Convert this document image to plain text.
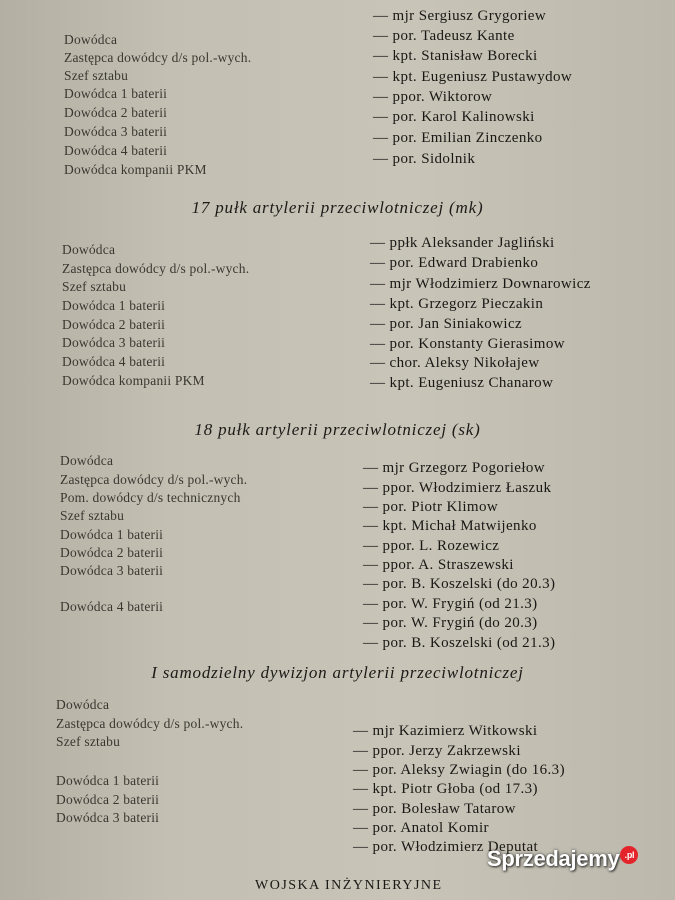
Dowódca
Zastępca dowódcy d/s pol.-wych.
Szef sztabu
Dowódca 1 baterii
Dowódca 2 baterii
Dowódca 3 baterii
Dowódca 4 baterii
Dowódca kompanii PKM
— mjr Sergiusz Grygoriew
— por. Tadeusz Kante
— kpt. Stanisław Borecki
— kpt. Eugeniusz Pustawydow
— ppor. Wiktorow
— por. Karol Kalinowski
— por. Emilian Zinczenko
— por. Sidolnik
17 pułk artylerii przeciwlotniczej (mk)
Dowódca
Zastępca dowódcy d/s pol.-wych.
Szef sztabu
Dowódca 1 baterii
Dowódca 2 baterii
Dowódca 3 baterii
Dowódca 4 baterii
Dowódca kompanii PKM
— ppłk Aleksander Jagliński
— por. Edward Drabienko
— mjr Włodzimierz Downarowicz
— kpt. Grzegorz Pieczakin
— por. Jan Siniakowicz
— por. Konstanty Gierasimow
— chor. Aleksy Nikołajew
— kpt. Eugeniusz Chanarow
18 pułk artylerii przeciwlotniczej (sk)
Dowódca
Zastępca dowódcy d/s pol.-wych.
Pom. dowódcy d/s technicznych
Szef sztabu
Dowódca 1 baterii
Dowódca 2 baterii
Dowódca 3 baterii
Dowódca 4 baterii
— mjr Grzegorz Pogoriełow
— ppor. Włodzimierz Łaszuk
— por. Piotr Klimow
— kpt. Michał Matwijenko
— ppor. L. Rozewicz
— ppor. A. Straszewski
— por. B. Koszelski (do 20.3)
— por. W. Frygiń (od 21.3)
— por. W. Frygiń (do 20.3)
— por. B. Koszelski (od 21.3)
I samodzielny dywizjon artylerii przeciwlotniczej
Dowódca
Zastępca dowódcy d/s pol.-wych.
Szef sztabu
Dowódca 1 baterii
Dowódca 2 baterii
Dowódca 3 baterii
— mjr Kazimierz Witkowski
— ppor. Jerzy Zakrzewski
— por. Aleksy Zwiagin (do 16.3)
— kpt. Piotr Głoba (od 17.3)
— por. Bolesław Tatarow
— por. Anatol Komir
— por. Włodzimierz Deputat
WOJSKA INŻYNIERYJNE
Sprzedajemy .pl
